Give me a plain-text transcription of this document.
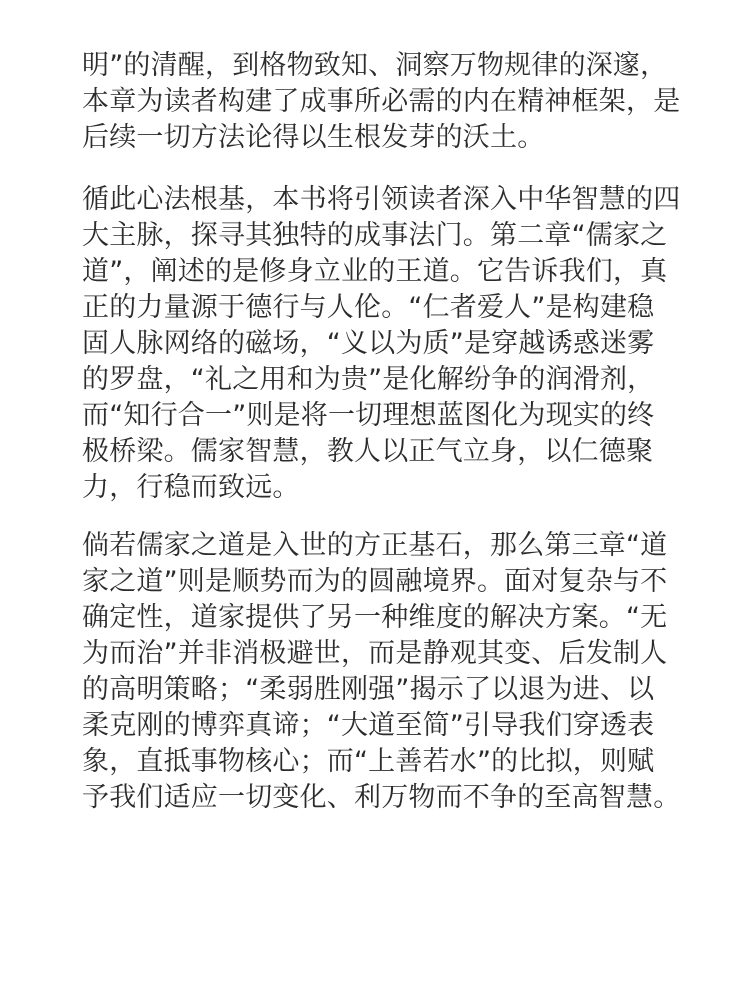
明”的清醒，到格物致知、洞察万物规律的深邃，
本章为读者构建了成事所必需的内在精神框架，是
后续一切方法论得以生根发芽的沃土。

循此心法根基，本书将引领读者深入中华智慧的四
大主脉，探寻其独特的成事法门。第二章“儒家之
道”，阐述的是修身立业的王道。它告诉我们，真
正的力量源于德行与人伦。“仁者爱人”是构建稳
固人脉网络的磁场，“义以为质”是穿越诱惑迷雾
的罗盘，“礼之用和为贵”是化解纷争的润滑剂，
而“知行合一”则是将一切理想蓝图化为现实的终
极桥梁。儒家智慧，教人以正气立身，以仁德聚
力，行稳而致远。

倘若儒家之道是入世的方正基石，那么第三章“道
家之道”则是顺势而为的圆融境界。面对复杂与不
确定性，道家提供了另一种维度的解决方案。“无
为而治”并非消极避世，而是静观其变、后发制人
的高明策略；“柔弱胜刚强”揭示了以退为进、以
柔克刚的博弈真谛；“大道至简”引导我们穿透表
象，直抵事物核心；而“上善若水”的比拟，则赋
予我们适应一切变化、利万物而不争的至高智慧。
